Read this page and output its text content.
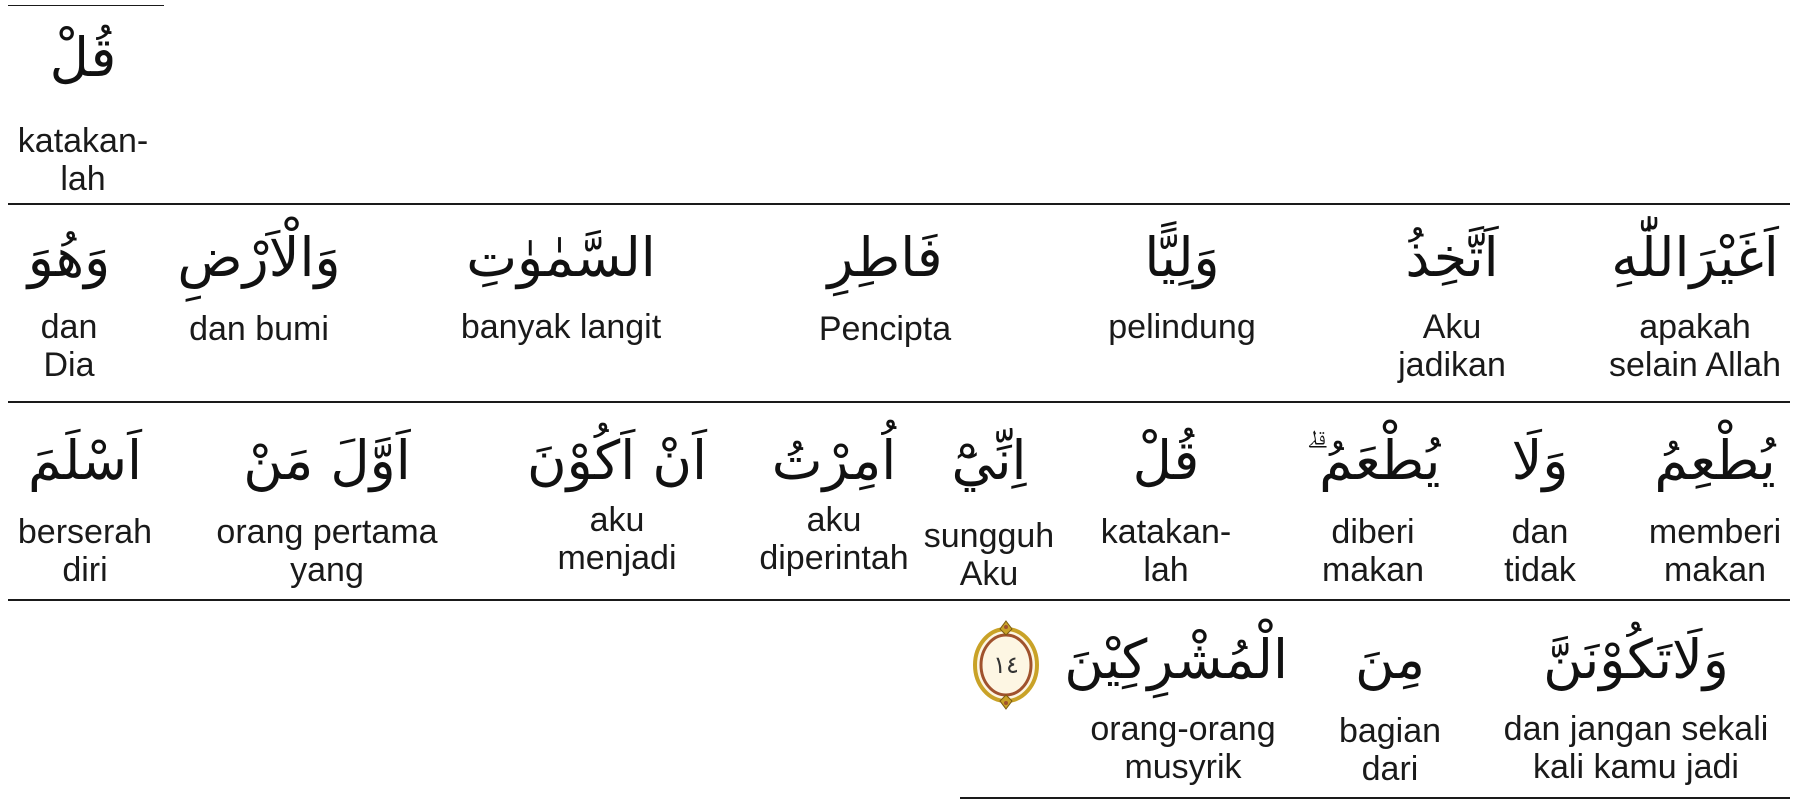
قُلْ
katakan-
lah
اَغَيْرَاللّٰهِ
apakah
selain Allah
اَتَّخِذُ
Aku
jadikan
وَلِيًّا
pelindung
فَاطِرِ
Pencipta
السَّمٰوٰتِ
banyak langit
وَالْاَرْضِ
dan bumi
وَهُوَ
dan
Dia
يُطْعِمُ
memberi
makan
وَلَا
dan
tidak
يُطْعَمُ ۗ
diberi
makan
قُلْ
katakan-
lah
اِنِّيْٓ
sungguh
Aku
اُمِرْتُ
aku
diperintah
اَنْ اَكُوْنَ
aku
menjadi
اَوَّلَ مَنْ
orang pertama
yang
اَسْلَمَ
berserah
diri
وَلَاتَكُوْنَنَّ
dan jangan sekali
kali kamu jadi
مِنَ
bagian
dari
الْمُشْرِكِيْنَ
orang-orang
musyrik
١٤
